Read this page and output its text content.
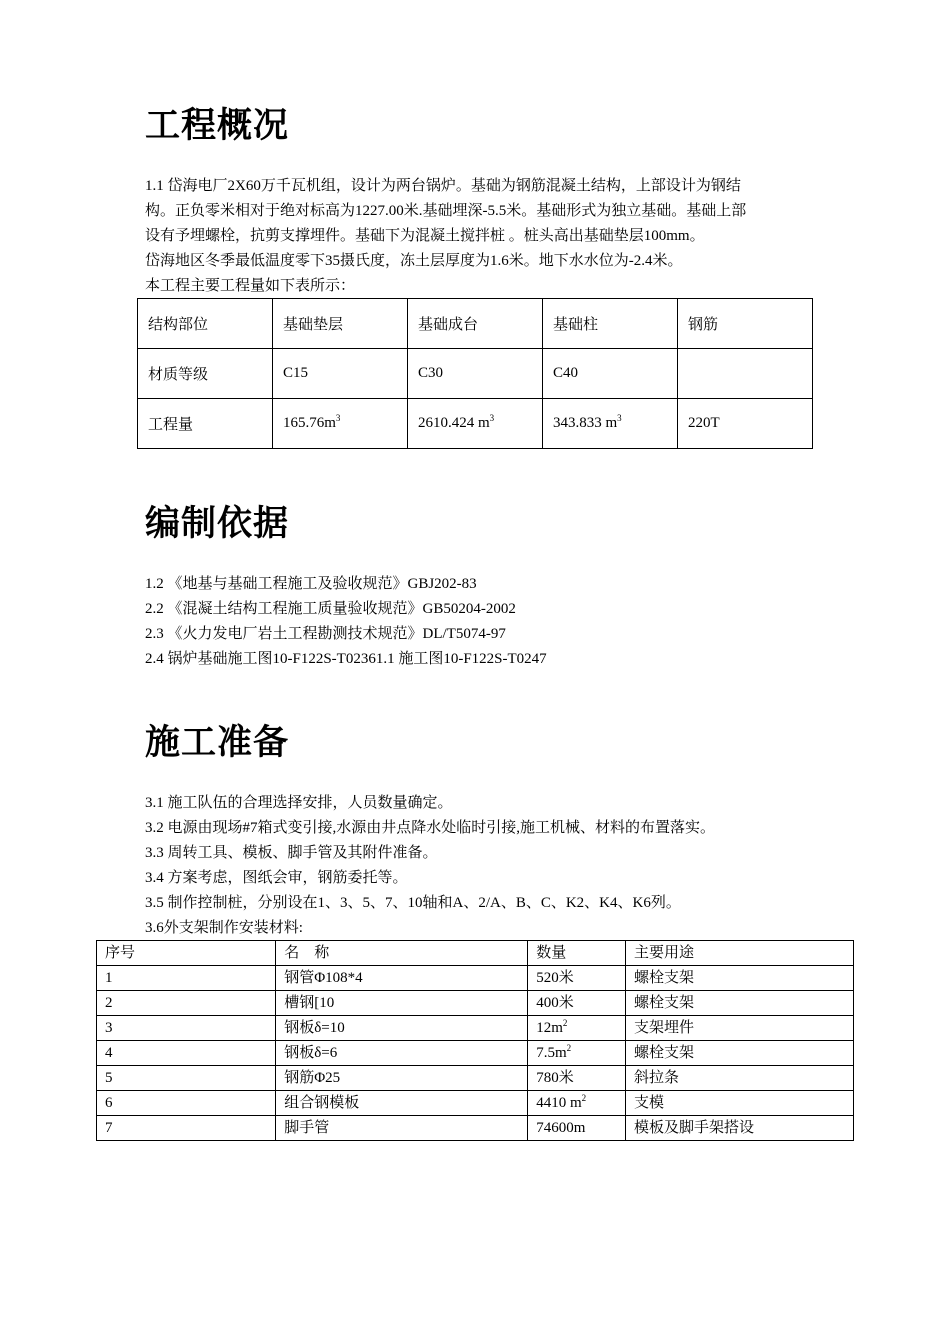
工程概况
1.1 岱海电厂2X60万千瓦机组，设计为两台锅炉。基础为钢筋混凝土结构，上部设计为钢结
构。正负零米相对于绝对标高为1227.00米.基础埋深-5.5米。基础形式为独立基础。基础上部
设有予埋螺栓，抗剪支撑埋件。基础下为混凝土搅拌桩 。桩头高出基础垫层100mm。
岱海地区冬季最低温度零下35摄氏度，冻土层厚度为1.6米。地下水水位为-2.4米。
本工程主要工程量如下表所示：
结构部位	基础垫层	基础成台	基础柱	钢筋
材质等级	C15	C30	C40	
工程量	$165.76m^3$	2610.424 $m^3$	343.833 $m^3$	220T
编制依据
1.2 《地基与基础工程施工及验收规范》GBJ202-83
2.2 《混凝土结构工程施工质量验收规范》GB50204-2002
2.3 《火力发电厂岩土工程勘测技术规范》DL/T5074-97
2.4 锅炉基础施工图10-F122S-T02361.1 施工图10-F122S-T0247
施工准备
3.1 施工队伍的合理选择安排，人员数量确定。
3.2 电源由现场#7箱式变引接,水源由井点降水处临时引接,施工机械、材料的布置落实。
3.3 周转工具、模板、脚手管及其附件准备。
3.4 方案考虑，图纸会审，钢筋委托等。
3.5 制作控制桩，分别设在1、3、5、7、10轴和A、2/A、B、C、K2、K4、K6列。
3.6外支架制作安装材料:
序号	名    称	数量	主要用途
1	钢管Φ108*4	520米	螺栓支架
2	槽钢[10	400米	螺栓支架
3	钢板δ=10	$12m^2$	支架埋件
4	钢板δ=6	$7.5m^2$	螺栓支架
5	钢筋Φ25	780米	斜拉条
6	组合钢模板	4410 $m^2$	支模
7	脚手管	74600m	模板及脚手架搭设
